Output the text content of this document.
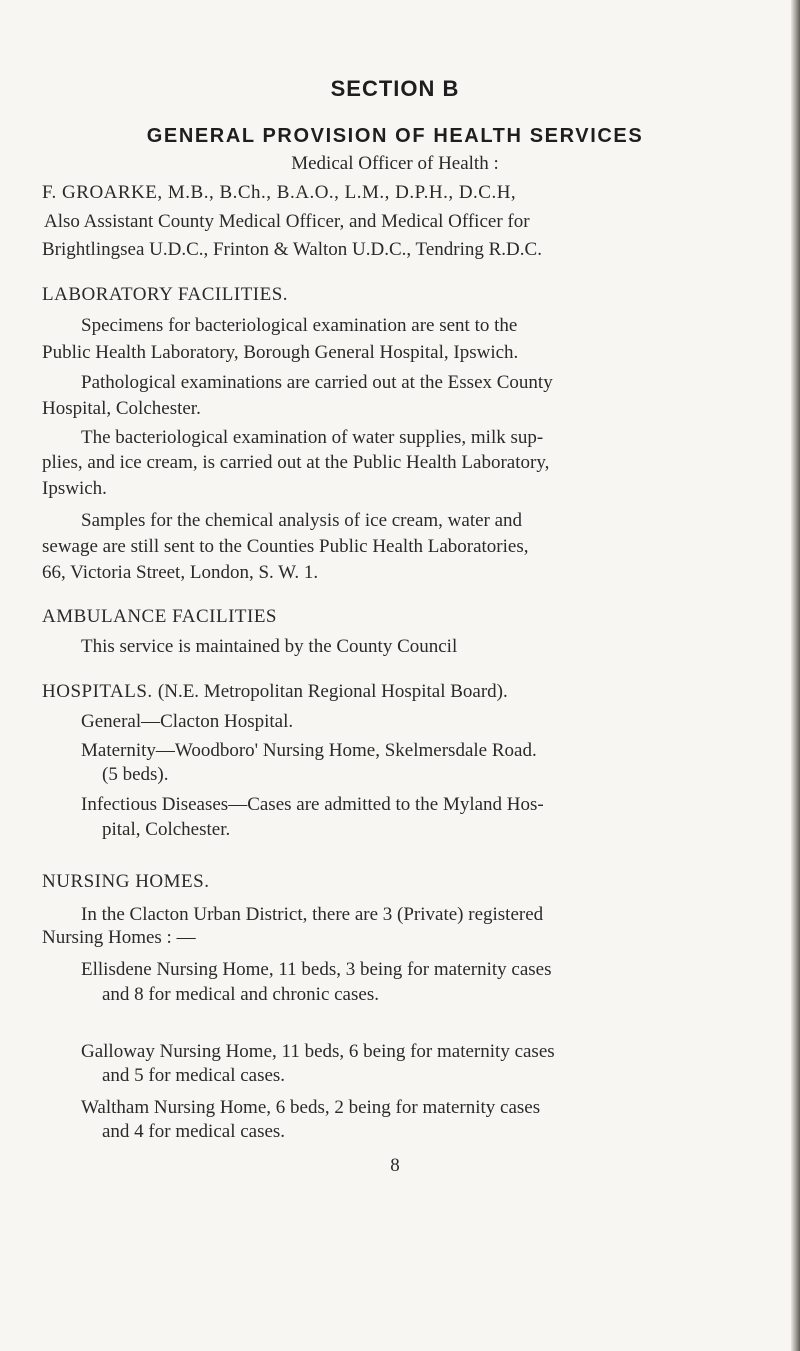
SECTION B
GENERAL PROVISION OF HEALTH SERVICES
Medical Officer of Health :
F. GROARKE, M.B., B.Ch., B.A.O., L.M., D.P.H., D.C.H,
Also Assistant County Medical Officer, and Medical Officer for
Brightlingsea U.D.C., Frinton & Walton U.D.C., Tendring R.D.C.
LABORATORY FACILITIES.
Specimens for bacteriological examination are sent to the
Public Health Laboratory, Borough General Hospital, Ipswich.
Pathological examinations are carried out at the Essex County
Hospital, Colchester.
The bacteriological examination of water supplies, milk sup-
plies, and ice cream, is carried out at the Public Health Laboratory,
Ipswich.
Samples for the chemical analysis of ice cream, water and
sewage are still sent to the Counties Public Health Laboratories,
66, Victoria Street, London, S. W. 1.
AMBULANCE FACILITIES
This service is maintained by the County Council
HOSPITALS. (N.E. Metropolitan Regional Hospital Board).
General—Clacton Hospital.
Maternity—Woodboro' Nursing Home, Skelmersdale Road.
(5 beds).
Infectious Diseases—Cases are admitted to the Myland Hos-
pital, Colchester.
NURSING HOMES.
In the Clacton Urban District, there are 3 (Private) registered
Nursing Homes : —
Ellisdene Nursing Home, 11 beds, 3 being for maternity cases
and 8 for medical and chronic cases.
Galloway Nursing Home, 11 beds, 6 being for maternity cases
and 5 for medical cases.
Waltham Nursing Home, 6 beds, 2 being for maternity cases
and 4 for medical cases.
8
